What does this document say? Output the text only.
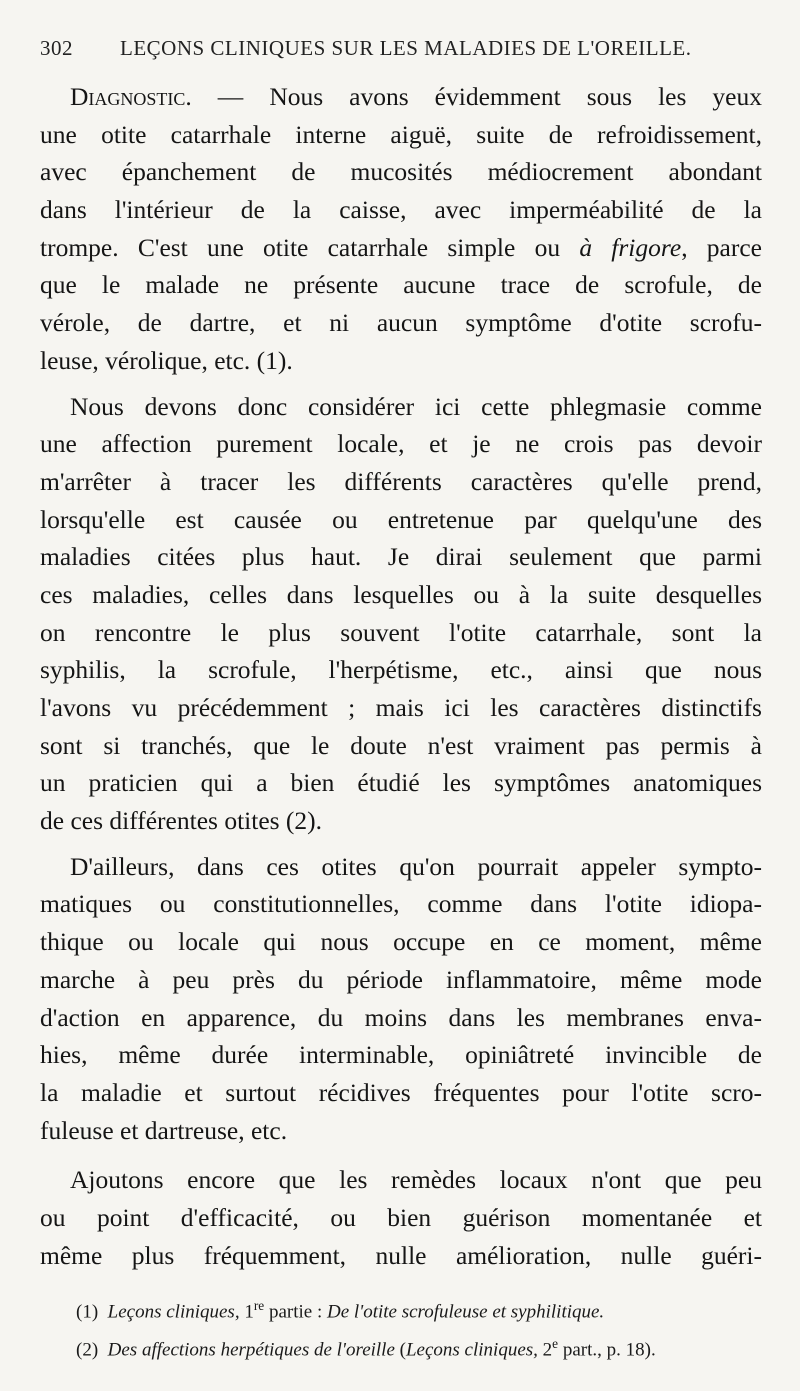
302 LEÇONS CLINIQUES SUR LES MALADIES DE L'OREILLE.
Diagnostic. — Nous avons évidemment sous les yeux
une otite catarrhale interne aiguë, suite de refroidissement,
avec épanchement de mucosités médiocrement abondant
dans l'intérieur de la caisse, avec imperméabilité de la
trompe. C'est une otite catarrhale simple ou à frigore, parce
que le malade ne présente aucune trace de scrofule, de
vérole, de dartre, et ni aucun symptôme d'otite scrofu-
leuse, vérolique, etc. (1).
Nous devons donc considérer ici cette phlegmasie comme
une affection purement locale, et je ne crois pas devoir
m'arrêter à tracer les différents caractères qu'elle prend,
lorsqu'elle est causée ou entretenue par quelqu'une des
maladies citées plus haut. Je dirai seulement que parmi
ces maladies, celles dans lesquelles ou à la suite desquelles
on rencontre le plus souvent l'otite catarrhale, sont la
syphilis, la scrofule, l'herpétisme, etc., ainsi que nous
l'avons vu précédemment ; mais ici les caractères distinctifs
sont si tranchés, que le doute n'est vraiment pas permis à
un praticien qui a bien étudié les symptômes anatomiques
de ces différentes otites (2).
D'ailleurs, dans ces otites qu'on pourrait appeler sympto-
matiques ou constitutionnelles, comme dans l'otite idiopa-
thique ou locale qui nous occupe en ce moment, même
marche à peu près du période inflammatoire, même mode
d'action en apparence, du moins dans les membranes enva-
hies, même durée interminable, opiniâtreté invincible de
la maladie et surtout récidives fréquentes pour l'otite scro-
fuleuse et dartreuse, etc.
Ajoutons encore que les remèdes locaux n'ont que peu
ou point d'efficacité, ou bien guérison momentanée et
même plus fréquemment, nulle amélioration, nulle guéri-
(1) Leçons cliniques, 1re partie : De l'otite scrofuleuse et syphilitique.
(2) Des affections herpétiques de l'oreille (Leçons cliniques, 2e part., p. 18).
